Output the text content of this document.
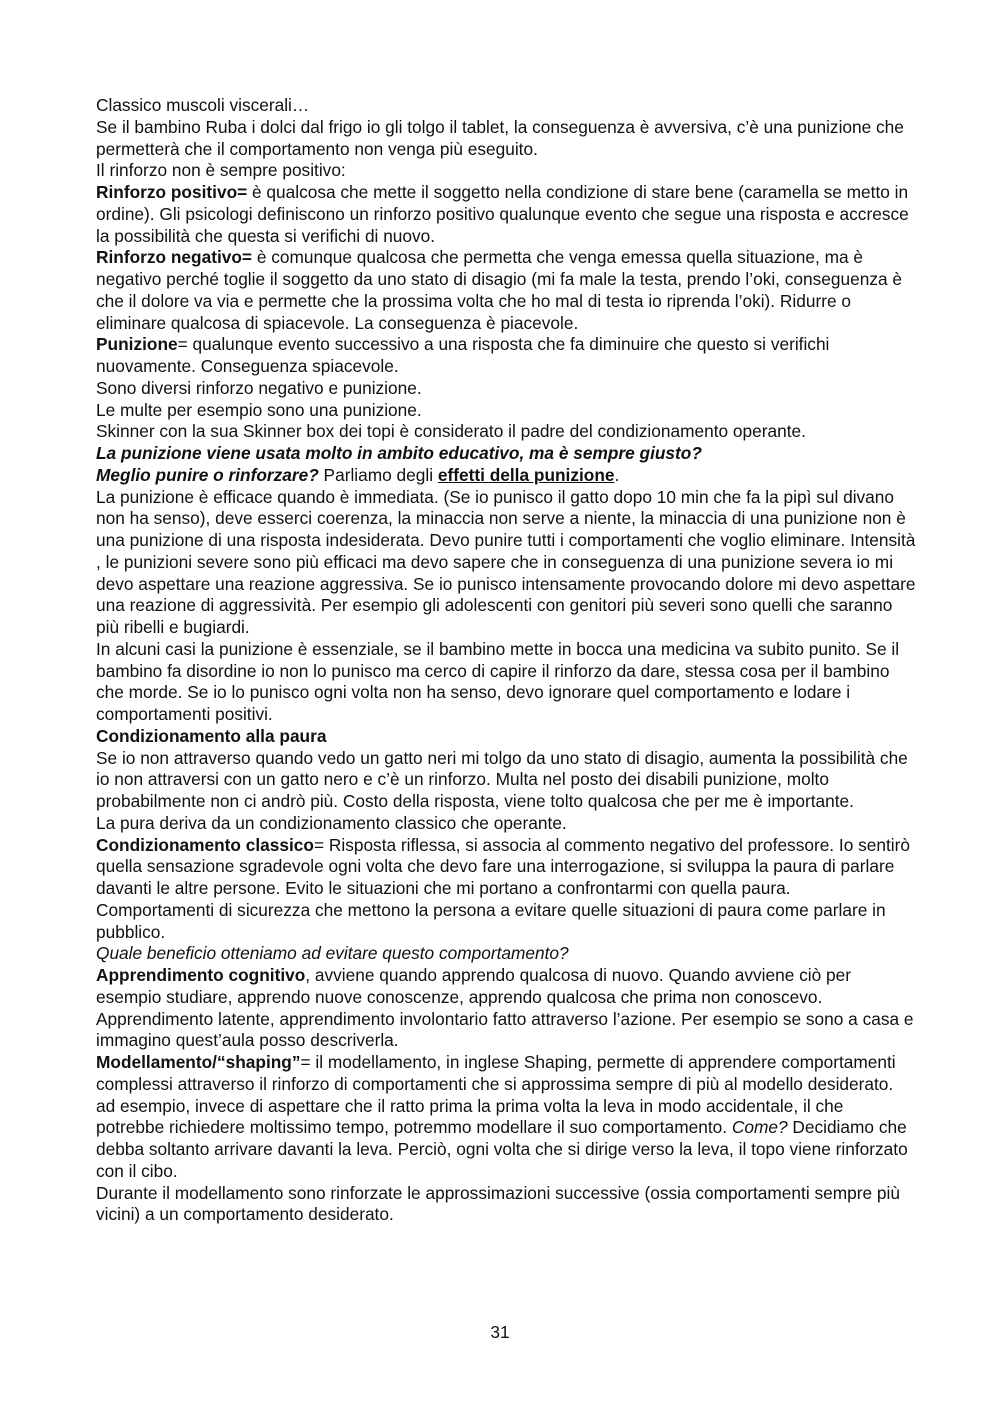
Classico muscoli viscerali…

Se il bambino Ruba i dolci dal frigo io gli tolgo il tablet, la conseguenza è avversiva, c’è una punizione che permetterà che il comportamento non venga più eseguito.

Il rinforzo non è sempre positivo:

Rinforzo positivo= è qualcosa che mette il soggetto nella condizione di stare bene (caramella se metto in ordine). Gli psicologi definiscono un rinforzo positivo qualunque evento che segue una risposta e accresce la possibilità che questa si verifichi di nuovo.

Rinforzo negativo= è comunque qualcosa che permetta che venga emessa quella situazione, ma è negativo perché toglie il soggetto da uno stato di disagio (mi fa male la testa, prendo l’oki, conseguenza è che il dolore va via e permette che la prossima volta che ho mal di testa io riprenda l’oki). Ridurre o eliminare qualcosa di spiacevole. La conseguenza è piacevole.

Punizione= qualunque evento successivo a una risposta che fa diminuire che questo si verifichi nuovamente. Conseguenza spiacevole.

Sono diversi rinforzo negativo e punizione.

Le multe per esempio sono una punizione.

Skinner con la sua Skinner box dei topi è considerato il padre del condizionamento operante.

La punizione viene usata molto in ambito educativo, ma è sempre giusto?

Meglio punire o rinforzare? Parliamo degli effetti della punizione.

La punizione è efficace quando è immediata. (Se io punisco il gatto dopo 10 min che fa la pipì sul divano non ha senso), deve esserci coerenza, la minaccia non serve a niente, la minaccia di una punizione non è una punizione di una risposta indesiderata. Devo punire tutti i comportamenti che voglio eliminare. Intensità , le punizioni severe sono più efficaci ma devo sapere che in conseguenza di una punizione severa io mi devo aspettare una reazione aggressiva. Se io punisco intensamente provocando dolore mi devo aspettare una reazione di aggressività. Per esempio gli adolescenti con genitori più severi sono quelli che saranno più ribelli e bugiardi.

In alcuni casi la punizione è essenziale, se il bambino mette in bocca una medicina va subito punito. Se il bambino fa disordine io non lo punisco ma cerco di capire il rinforzo da dare, stessa cosa per il bambino che morde. Se io lo punisco ogni volta non ha senso, devo ignorare quel comportamento e lodare i comportamenti positivi.

Condizionamento alla paura

Se io non attraverso quando vedo un gatto neri mi tolgo da uno stato di disagio, aumenta la possibilità che io non attraversi con un gatto nero e c’è un rinforzo. Multa nel posto dei disabili punizione, molto probabilmente non ci andrò più. Costo della risposta, viene tolto qualcosa che per me è importante.

La pura deriva da un condizionamento classico che operante.

Condizionamento classico= Risposta riflessa, si associa al commento negativo del professore. Io sentirò quella sensazione sgradevole ogni volta che devo fare una interrogazione, si sviluppa la paura di parlare davanti le altre persone. Evito le situazioni che mi portano a confrontarmi con quella paura.

Comportamenti di sicurezza che mettono la persona a evitare quelle situazioni di paura come parlare in pubblico.

Quale beneficio otteniamo ad evitare questo comportamento?

Apprendimento cognitivo, avviene quando apprendo qualcosa di nuovo. Quando avviene ciò per esempio studiare, apprendo nuove conoscenze, apprendo qualcosa che prima non conoscevo. Apprendimento latente, apprendimento involontario fatto attraverso l’azione. Per esempio se sono a casa e immagino quest’aula posso descriverla.

Modellamento/“shaping”= il modellamento, in inglese Shaping, permette di apprendere comportamenti complessi attraverso il rinforzo di comportamenti che si approssima sempre di più al modello desiderato. ad esempio, invece di aspettare che il ratto prima la prima volta la leva in modo accidentale, il che potrebbe richiedere moltissimo tempo, potremmo modellare il suo comportamento. Come? Decidiamo che debba soltanto arrivare davanti la leva. Perciò, ogni volta che si dirige verso la leva, il topo viene rinforzato con il cibo.

Durante il modellamento sono rinforzate le approssimazioni successive (ossia comportamenti sempre più vicini) a un comportamento desiderato.

31
